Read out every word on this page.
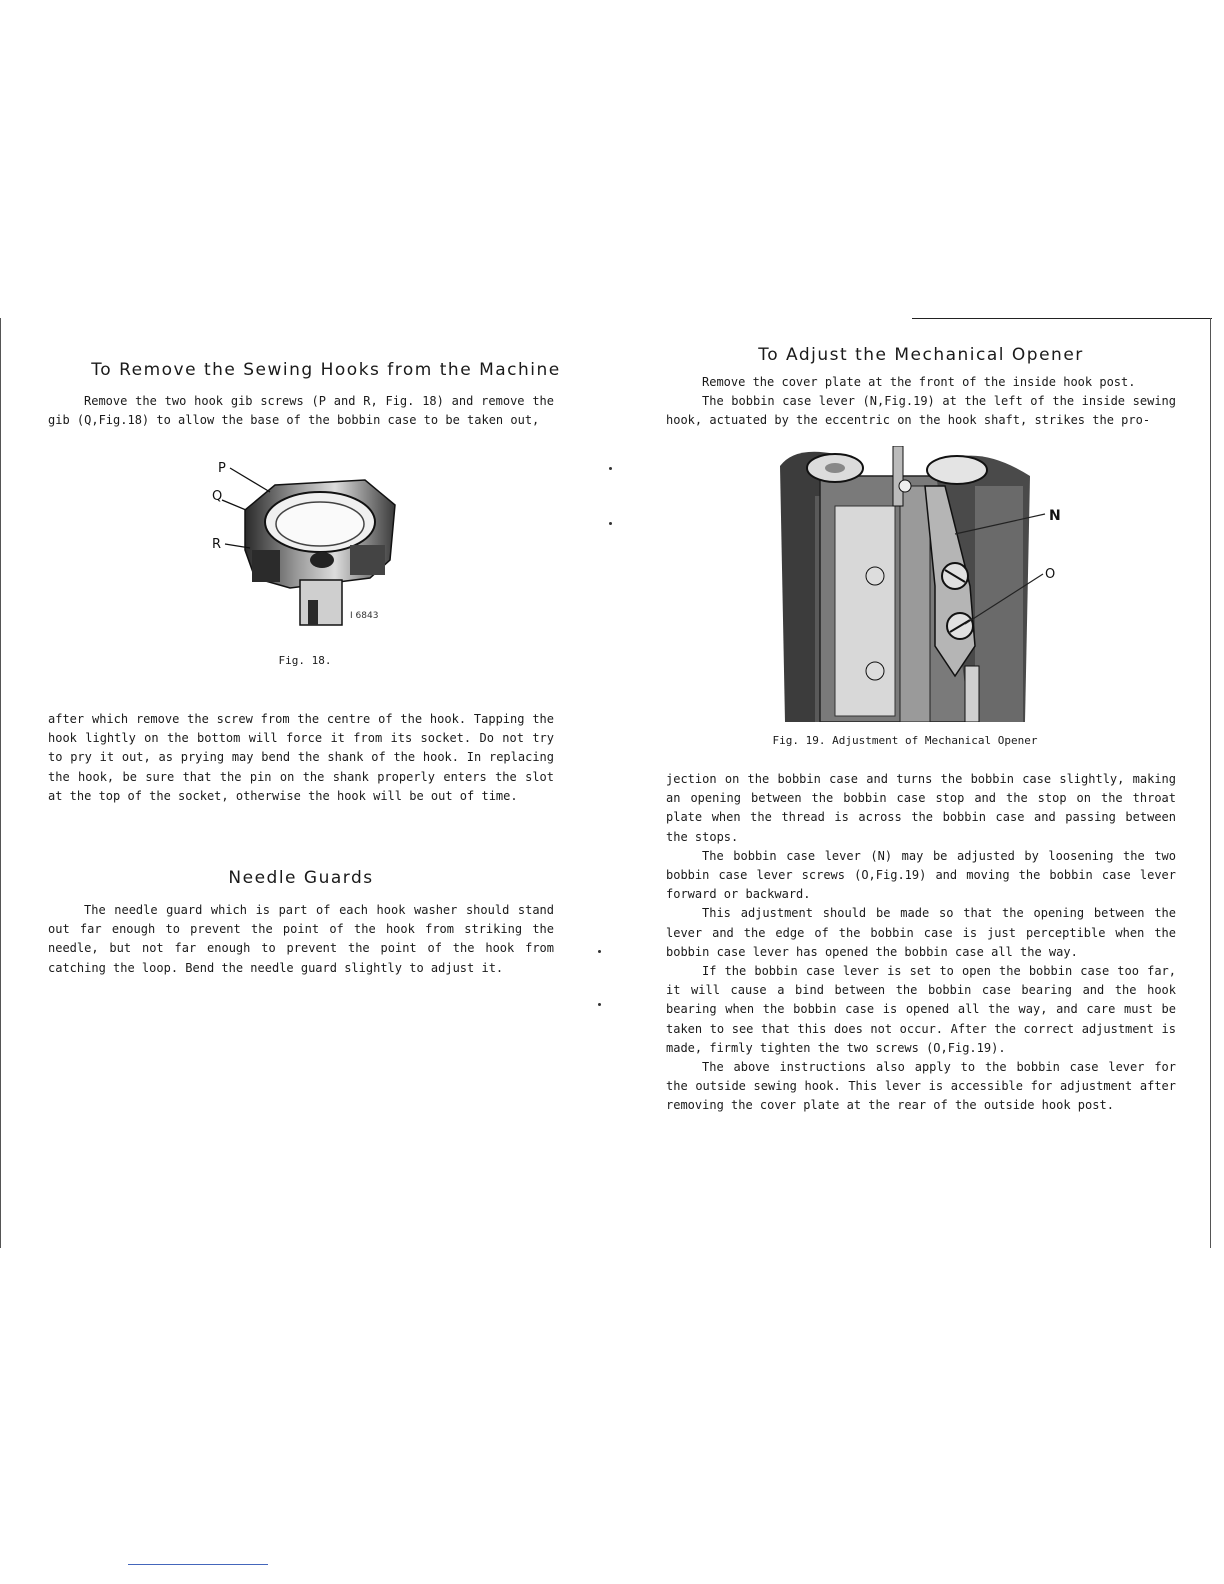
To Remove the Sewing Hooks from the Machine

Remove the two hook gib screws (P and R, Fig. 18) and remove the gib (Q,Fig.18) to allow the base of the bobbin case to be taken out,

P
Q
R
I 6843
Fig. 18.

after which remove the screw from the centre of the hook. Tapping the hook lightly on the bottom will force it from its socket. Do not try to pry it out, as prying may bend the shank of the hook. In replacing the hook, be sure that the pin on the shank properly enters the slot at the top of the socket, otherwise the hook will be out of time.

Needle Guards

The needle guard which is part of each hook washer should stand out far enough to prevent the point of the hook from striking the needle, but not far enough to prevent the point of the hook from catching the loop. Bend the needle guard slightly to adjust it.

To Adjust the Mechanical Opener

Remove the cover plate at the front of the inside hook post.

The bobbin case lever (N,Fig.19) at the left of the inside sewing hook, actuated by the eccentric on the hook shaft, strikes the pro-

N
O
Fig. 19. Adjustment of Mechanical Opener

jection on the bobbin case and turns the bobbin case slightly, making an opening between the bobbin case stop and the stop on the throat plate when the thread is across the bobbin case and passing between the stops.

The bobbin case lever (N) may be adjusted by loosening the two bobbin case lever screws (O,Fig.19) and moving the bobbin case lever forward or backward.

This adjustment should be made so that the opening between the lever and the edge of the bobbin case is just perceptible when the bobbin case lever has opened the bobbin case all the way.

If the bobbin case lever is set to open the bobbin case too far, it will cause a bind between the bobbin case bearing and the hook bearing when the bobbin case is opened all the way, and care must be taken to see that this does not occur. After the correct adjustment is made, firmly tighten the two screws (O,Fig.19).

The above instructions also apply to the bobbin case lever for the outside sewing hook. This lever is accessible for adjustment after removing the cover plate at the rear of the outside hook post.
